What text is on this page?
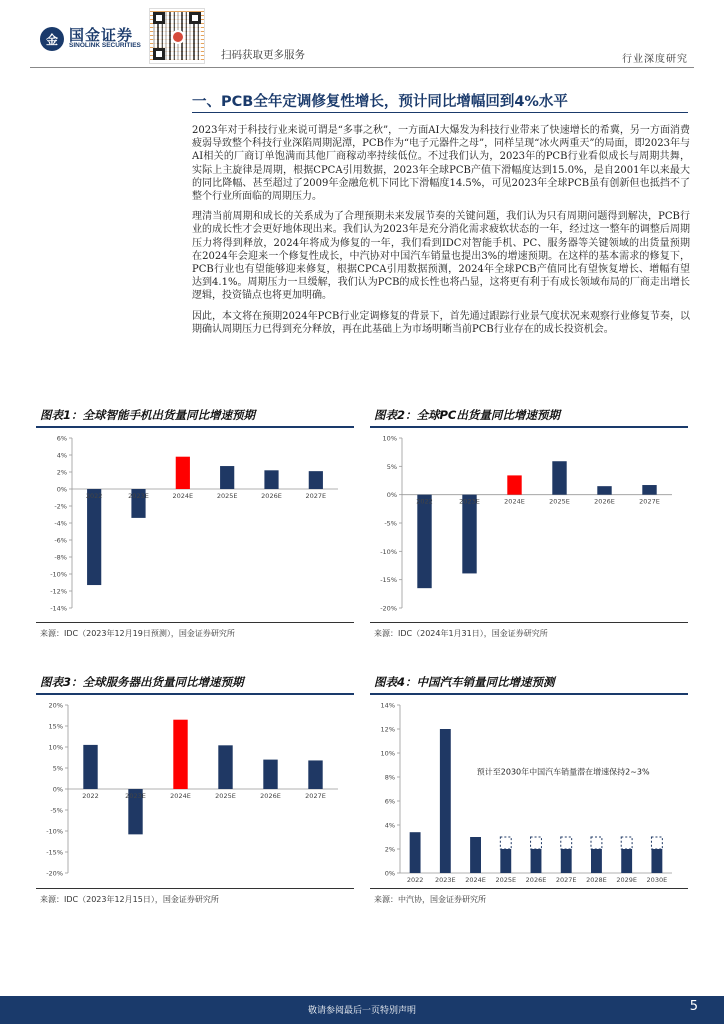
金 国金证券
SINOLINK SECURITIES
扫码获取更多服务	行业深度研究
一、PCB全年定调修复性增长，预计同比增幅回到4%水平

2023年对于科技行业来说可谓是“多事之秋”，一方面AI大爆发为科技行业带来了快速增长的希冀，另一方面消费疲弱导致整个科技行业深陷周期泥潭，PCB作为“电子元器件之母”，同样呈现“冰火两重天”的局面，即2023年与AI相关的厂商订单饱满而其他厂商稼动率持续低位。不过我们认为，2023年的PCB行业看似成长与周期共舞，实际上主旋律是周期，根据CPCA引用数据，2023年全球PCB产值下滑幅度达到15.0%，是自2001年以来最大的同比降幅、甚至超过了2009年金融危机下同比下滑幅度14.5%，可见2023年全球PCB虽有创新但也抵挡不了整个行业所面临的周期压力。

理清当前周期和成长的关系成为了合理预期未来发展节奏的关键问题，我们认为只有周期问题得到解决，PCB行业的成长性才会更好地体现出来。我们认为2023年是充分消化需求疲软状态的一年，经过这一整年的调整后周期压力将得到释放，2024年将成为修复的一年，我们看到IDC对智能手机、PC、服务器等关键领域的出货量预期在2024年会迎来一个修复性成长，中汽协对中国汽车销量也提出3%的增速预期。在这样的基本需求的修复下，PCB行业也有望能够迎来修复，根据CPCA引用数据预测，2024年全球PCB产值同比有望恢复增长、增幅有望达到4.1%。周期压力一旦缓解，我们认为PCB的成长性也将凸显，这将更有利于有成长领域布局的厂商走出增长逻辑，投资锚点也将更加明确。

因此，本文将在预期2024年PCB行业定调修复的背景下，首先通过跟踪行业景气度状况来观察行业修复节奏，以期确认周期压力已得到充分释放，再在此基础上为市场明晰当前PCB行业存在的成长投资机会。

图表1：全球智能手机出货量同比增速预期
6%
4%
2%
0%
-2%
-4%
-6%
-8%
-10%
-12%
-14%
2022	2023E	2024E	2025E	2026E	2027E
来源：IDC（2023年12月19日预测），国金证券研究所
图表2：全球PC出货量同比增速预期
10%
5%
0%
-5%
-10%
-15%
-20%
2022	2023E	2024E	2025E	2026E	2027E
来源：IDC（2024年1月31日），国金证券研究所
图表3：全球服务器出货量同比增速预期
20%
15%
10%
5%
0%
-5%
-10%
-15%
-20%
2022	2023E	2024E	2025E	2026E	2027E
来源：IDC（2023年12月15日），国金证券研究所
图表4：中国汽车销量同比增速预测
14%
12%
10%
8%
6%
4%
2%
0%
2022 2023E 2024E 2025E 2026E 2027E 2028E 2029E 2030E
预计至2030年中国汽车销量潜在增速保持2~3%
来源：中汽协，国金证券研究所
敬请参阅最后一页特别声明	5
